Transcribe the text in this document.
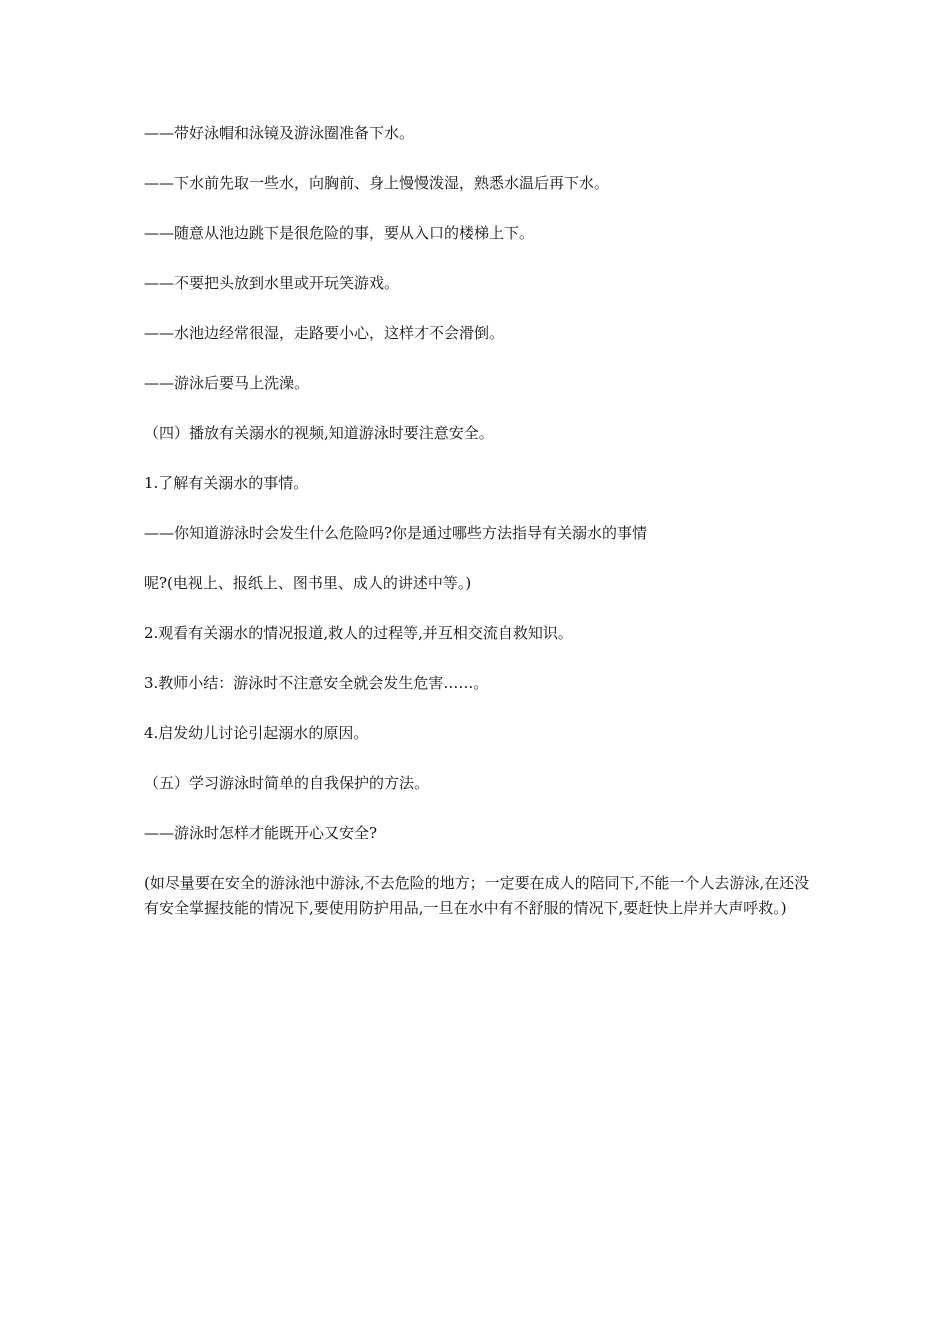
——带好泳帽和泳镜及游泳圈准备下水。

——下水前先取一些水，向胸前、身上慢慢泼湿，熟悉水温后再下水。

——随意从池边跳下是很危险的事，要从入口的楼梯上下。

——不要把头放到水里或开玩笑游戏。

——水池边经常很湿，走路要小心，这样才不会滑倒。

——游泳后要马上洗澡。

（四）播放有关溺水的视频,知道游泳时要注意安全。

1.了解有关溺水的事情。

——你知道游泳时会发生什么危险吗?你是通过哪些方法指导有关溺水的事情

呢?(电视上、报纸上、图书里、成人的讲述中等。)

2.观看有关溺水的情况报道,救人的过程等,并互相交流自救知识。

3.教师小结：游泳时不注意安全就会发生危害……。

4.启发幼儿讨论引起溺水的原因。

（五）学习游泳时简单的自我保护的方法。

——游泳时怎样才能既开心又安全?

(如尽量要在安全的游泳池中游泳,不去危险的地方；一定要在成人的陪同下,不能一个人去游泳,在还没有安全掌握技能的情况下,要使用防护用品,一旦在水中有不舒服的情况下,要赶快上岸并大声呼救。)
